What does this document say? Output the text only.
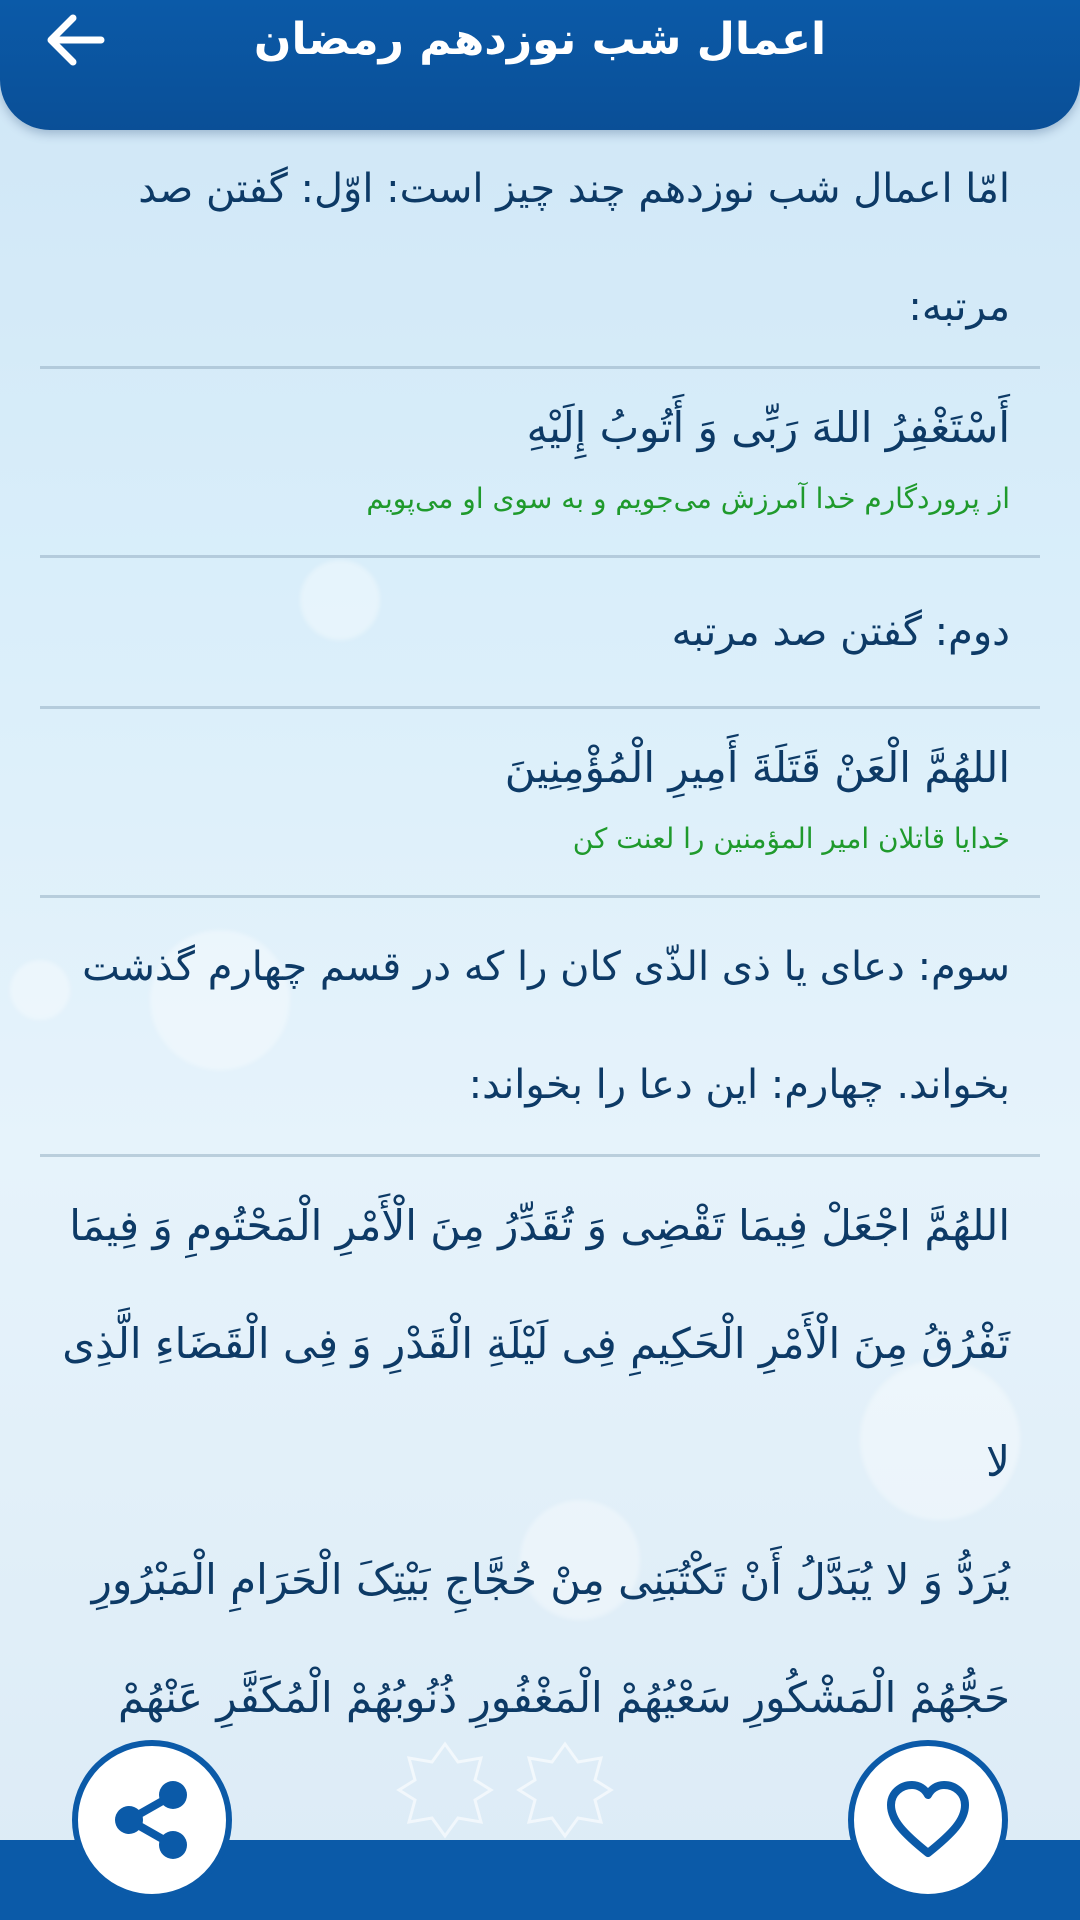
اعمال شب نوزدهم رمضان
امّا اعمال شب نوزدهم چند چیز است: اوّل: گفتن صد
مرتبه:
أَسْتَغْفِرُ اللهَ رَبِّی وَ أَتُوبُ إِلَیْهِ
از پروردگارم خدا آمرزش می‌جویم و به سوی او می‌پویم
دوم: گفتن صد مرتبه
اللهُمَّ الْعَنْ قَتَلَةَ أَمِیرِ الْمُؤْمِنِینَ
خدایا قاتلان امیر المؤمنین را لعنت کن
سوم: دعای یا ذی الذّی کان را که در قسم چهارم گذشت
بخواند. چهارم: این دعا را بخواند:
اللهُمَّ اجْعَلْ فِیمَا تَقْضِی وَ تُقَدِّرُ مِنَ الْأَمْرِ الْمَحْتُومِ وَ فِیمَا
تَفْرُقُ مِنَ الْأَمْرِ الْحَکِیمِ فِی لَیْلَةِ الْقَدْرِ وَ فِی الْقَضَاءِ الَّذِی لا
یُرَدُّ وَ لا یُبَدَّلُ أَنْ تَکْتُبَنِی مِنْ حُجَّاجِ بَیْتِکَ الْحَرَامِ الْمَبْرُورِ
حَجُّهُمْ الْمَشْکُورِ سَعْیُهُمْ الْمَغْفُورِ ذُنُوبُهُمْ الْمُکَفَّرِ عَنْهُمْ
